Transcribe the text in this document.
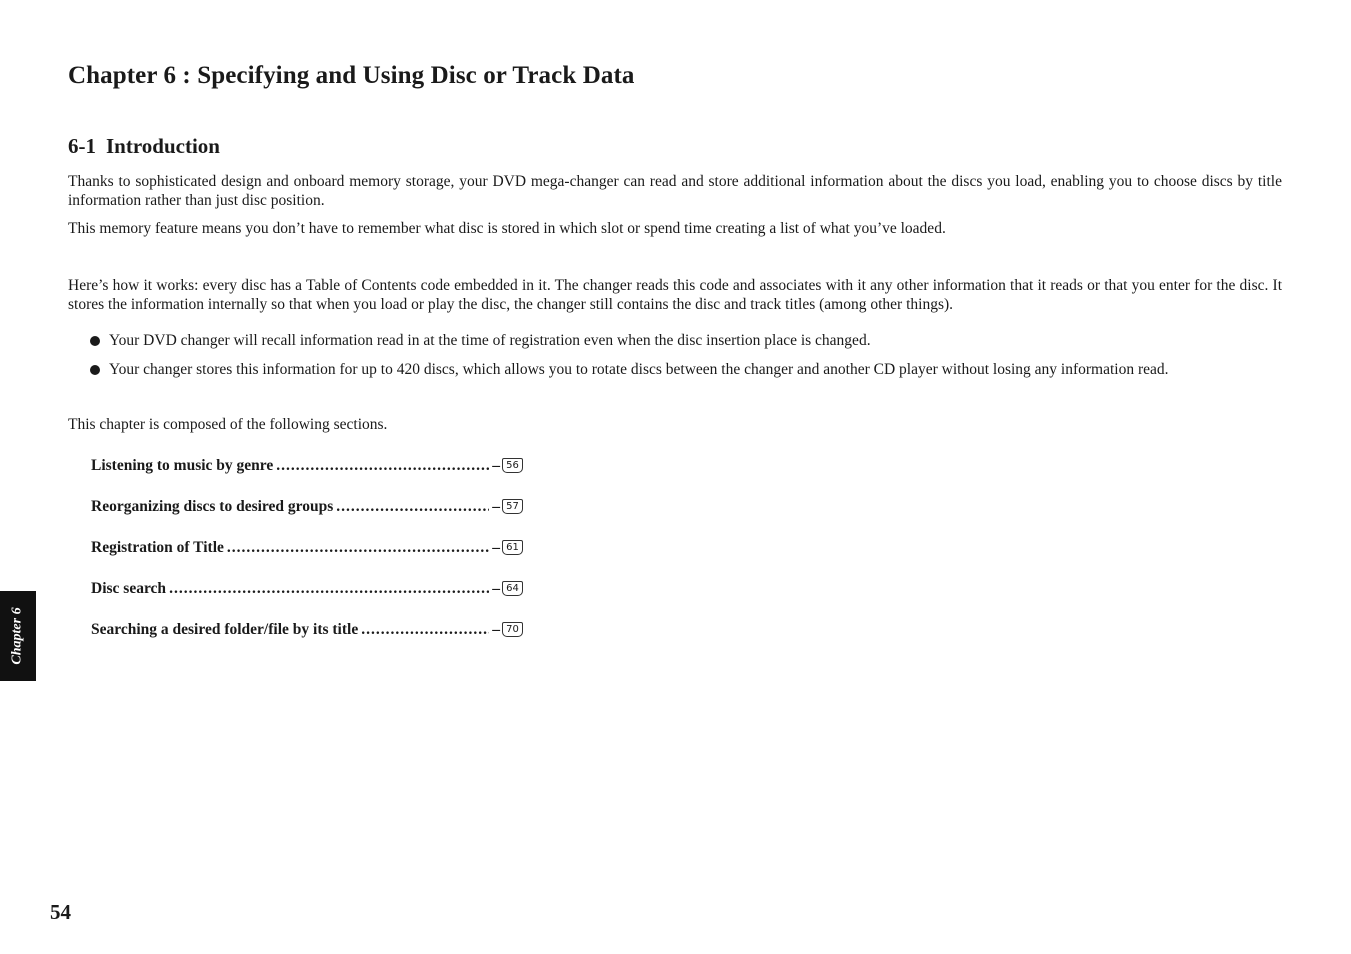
Chapter 6 : Specifying and Using Disc or Track Data
6-1 Introduction

Thanks to sophisticated design and onboard memory storage, your DVD mega-changer can read and store additional information about the discs you load, enabling you to choose discs by title information rather than just disc position.

This memory feature means you don’t have to remember what disc is stored in which slot or spend time creating a list of what you’ve loaded.

Here’s how it works: every disc has a Table of Contents code embedded in it. The changer reads this code and associates with it any other information that it reads or that you enter for the disc. It stores the information internally so that when you load or play the disc, the changer still contains the disc and track titles (among other things).

Your DVD changer will recall information read in at the time of registration even when the disc insertion place is changed.
Your changer stores this information for up to 420 discs, which allows you to rotate discs between the changer and another CD player without losing any information read.

This chapter is composed of the following sections.

Listening to music by genre .....	– 56
Reorganizing discs to desired groups .....	– 57
Registration of Title .....	– 61
Disc search .....	– 64
Searching a desired folder/file by its title .....	– 70
Chapter 6
54
